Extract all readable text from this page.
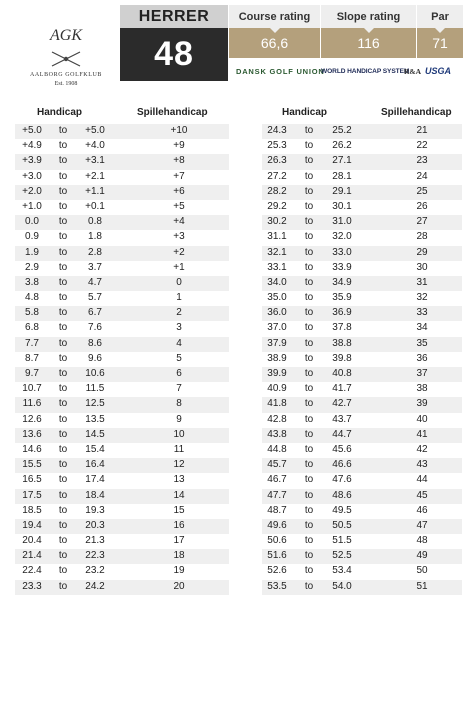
AGK
AALBORG GOLFKLUB
Est. 1908
HERRER
48
Course rating	Slope rating	Par
66,6	116	71
DANSK GOLF UNION
WORLD HANDICAP SYSTEM
R&A USGA
Handicap	Spillehandicap
+5.0	to	+5.0	+10
+4.9	to	+4.0	+9
+3.9	to	+3.1	+8
+3.0	to	+2.1	+7
+2.0	to	+1.1	+6
+1.0	to	+0.1	+5
0.0	to	0.8	+4
0.9	to	1.8	+3
1.9	to	2.8	+2
2.9	to	3.7	+1
3.8	to	4.7	0
4.8	to	5.7	1
5.8	to	6.7	2
6.8	to	7.6	3
7.7	to	8.6	4
8.7	to	9.6	5
9.7	to	10.6	6
10.7	to	11.5	7
11.6	to	12.5	8
12.6	to	13.5	9
13.6	to	14.5	10
14.6	to	15.4	11
15.5	to	16.4	12
16.5	to	17.4	13
17.5	to	18.4	14
18.5	to	19.3	15
19.4	to	20.3	16
20.4	to	21.3	17
21.4	to	22.3	18
22.4	to	23.2	19
23.3	to	24.2	20
Handicap	Spillehandicap
24.3	to	25.2	21
25.3	to	26.2	22
26.3	to	27.1	23
27.2	to	28.1	24
28.2	to	29.1	25
29.2	to	30.1	26
30.2	to	31.0	27
31.1	to	32.0	28
32.1	to	33.0	29
33.1	to	33.9	30
34.0	to	34.9	31
35.0	to	35.9	32
36.0	to	36.9	33
37.0	to	37.8	34
37.9	to	38.8	35
38.9	to	39.8	36
39.9	to	40.8	37
40.9	to	41.7	38
41.8	to	42.7	39
42.8	to	43.7	40
43.8	to	44.7	41
44.8	to	45.6	42
45.7	to	46.6	43
46.7	to	47.6	44
47.7	to	48.6	45
48.7	to	49.5	46
49.6	to	50.5	47
50.6	to	51.5	48
51.6	to	52.5	49
52.6	to	53.4	50
53.5	to	54.0	51
